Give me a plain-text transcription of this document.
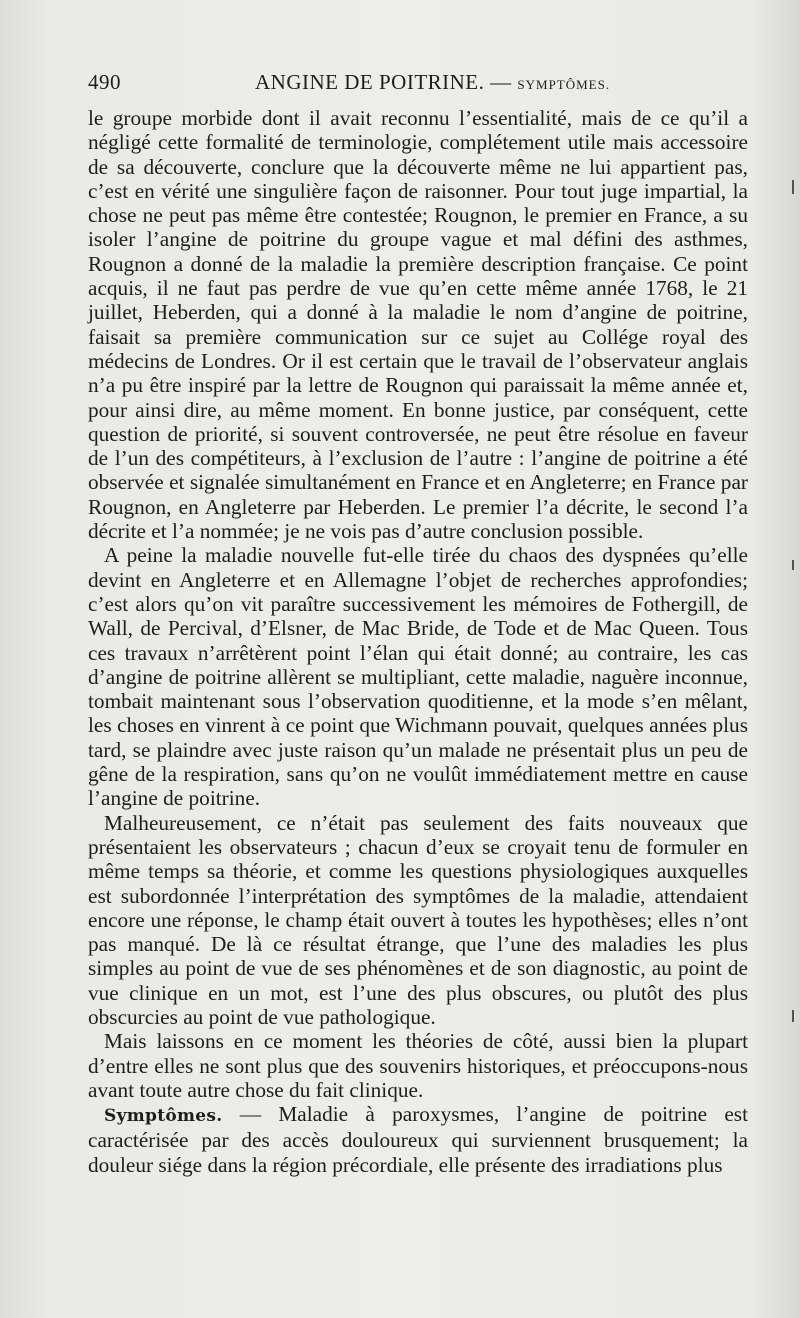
490	ANGINE DE POITRINE. — SYMPTÔMES.

le groupe morbide dont il avait reconnu l’essentialité, mais de ce qu’il a négligé cette formalité de terminologie, complétement utile mais accessoire de sa découverte, conclure que la découverte même ne lui appartient pas, c’est en vérité une singulière façon de raisonner. Pour tout juge impartial, la chose ne peut pas même être contestée; Rougnon, le premier en France, a su isoler l’angine de poitrine du groupe vague et mal défini des asthmes, Rougnon a donné de la maladie la première description française. Ce point acquis, il ne faut pas perdre de vue qu’en cette même année 1768, le 21 juillet, Heberden, qui a donné à la maladie le nom d’angine de poitrine, faisait sa première communication sur ce sujet au Collége royal des médecins de Londres. Or il est certain que le travail de l’observateur anglais n’a pu être inspiré par la lettre de Rougnon qui paraissait la même année et, pour ainsi dire, au même moment. En bonne justice, par conséquent, cette question de priorité, si souvent controversée, ne peut être résolue en faveur de l’un des compétiteurs, à l’exclusion de l’autre : l’angine de poitrine a été observée et signalée simultanément en France et en Angleterre; en France par Rougnon, en Angleterre par Heberden. Le premier l’a décrite, le second l’a décrite et l’a nommée; je ne vois pas d’autre conclusion possible.

A peine la maladie nouvelle fut-elle tirée du chaos des dyspnées qu’elle devint en Angleterre et en Allemagne l’objet de recherches approfondies; c’est alors qu’on vit paraître successivement les mémoires de Fothergill, de Wall, de Percival, d’Elsner, de Mac Bride, de Tode et de Mac Queen. Tous ces travaux n’arrêtèrent point l’élan qui était donné; au contraire, les cas d’angine de poitrine allèrent se multipliant, cette maladie, naguère inconnue, tombait maintenant sous l’observation quoditienne, et la mode s’en mêlant, les choses en vinrent à ce point que Wichmann pouvait, quelques années plus tard, se plaindre avec juste raison qu’un malade ne présentait plus un peu de gêne de la respiration, sans qu’on ne voulût immédiatement mettre en cause l’angine de poitrine.

Malheureusement, ce n’était pas seulement des faits nouveaux que présentaient les observateurs ; chacun d’eux se croyait tenu de formuler en même temps sa théorie, et comme les questions physiologiques auxquelles est subordonnée l’interprétation des symptômes de la maladie, attendaient encore une réponse, le champ était ouvert à toutes les hypothèses; elles n’ont pas manqué. De là ce résultat étrange, que l’une des maladies les plus simples au point de vue de ses phénomènes et de son diagnostic, au point de vue clinique en un mot, est l’une des plus obscures, ou plutôt des plus obscurcies au point de vue pathologique.

Mais laissons en ce moment les théories de côté, aussi bien la plupart d’entre elles ne sont plus que des souvenirs historiques, et préoccupons-nous avant toute autre chose du fait clinique.

Symptômes. — Maladie à paroxysmes, l’angine de poitrine est caractérisée par des accès douloureux qui surviennent brusquement; la douleur siége dans la région précordiale, elle présente des irradiations plus
